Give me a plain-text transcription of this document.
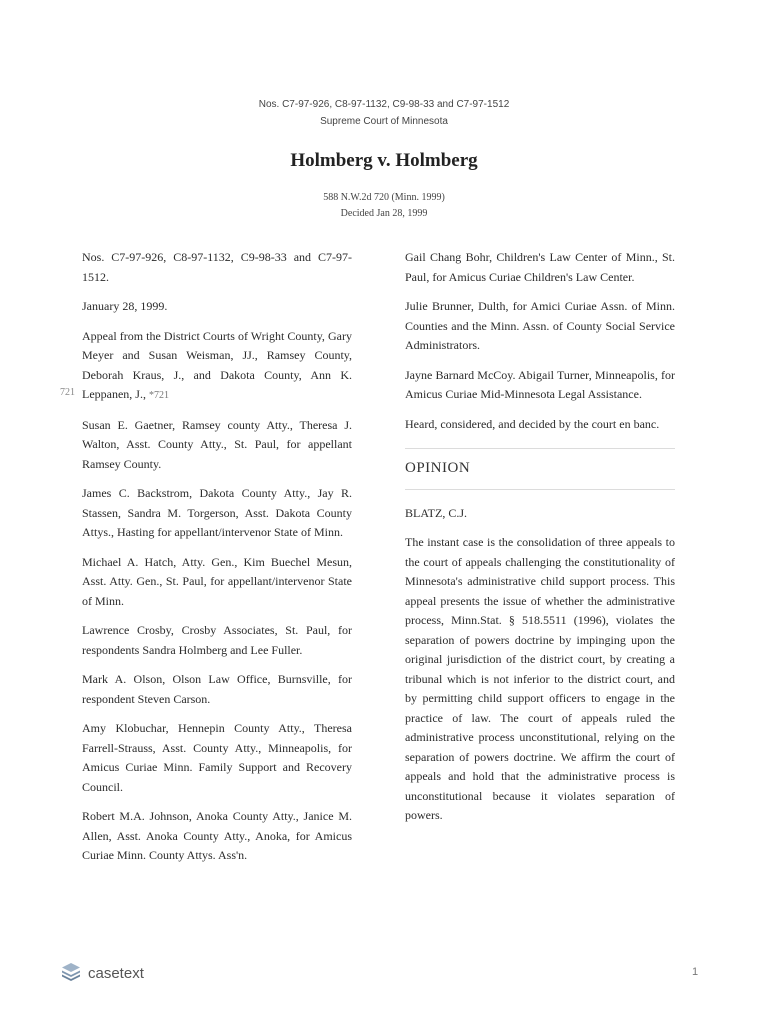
Nos. C7-97-926, C8-97-1132, C9-98-33 and C7-97-1512
Supreme Court of Minnesota
Holmberg v. Holmberg
588 N.W.2d 720 (Minn. 1999)
Decided Jan 28, 1999
721

Nos. C7-97-926, C8-97-1132, C9-98-33 and C7-97-1512.

January 28, 1999.

Appeal from the District Courts of Wright County, Gary Meyer and Susan Weisman, JJ., Ramsey County, Deborah Kraus, J., and Dakota County, Ann K. Leppanen, J., *721

Susan E. Gaetner, Ramsey county Atty., Theresa J. Walton, Asst. County Atty., St. Paul, for appellant Ramsey County.

James C. Backstrom, Dakota County Atty., Jay R. Stassen, Sandra M. Torgerson, Asst. Dakota County Attys., Hasting for appellant/intervenor State of Minn.

Michael A. Hatch, Atty. Gen., Kim Buechel Mesun, Asst. Atty. Gen., St. Paul, for appellant/intervenor State of Minn.

Lawrence Crosby, Crosby Associates, St. Paul, for respondents Sandra Holmberg and Lee Fuller.

Mark A. Olson, Olson Law Office, Burnsville, for respondent Steven Carson.

Amy Klobuchar, Hennepin County Atty., Theresa Farrell-Strauss, Asst. County Atty., Minneapolis, for Amicus Curiae Minn. Family Support and Recovery Council.

Robert M.A. Johnson, Anoka County Atty., Janice M. Allen, Asst. Anoka County Atty., Anoka, for Amicus Curiae Minn. County Attys. Ass'n.

Gail Chang Bohr, Children's Law Center of Minn., St. Paul, for Amicus Curiae Children's Law Center.

Julie Brunner, Dulth, for Amici Curiae Assn. of Minn. Counties and the Minn. Assn. of County Social Service Administrators.

Jayne Barnard McCoy. Abigail Turner, Minneapolis, for Amicus Curiae Mid-Minnesota Legal Assistance.

Heard, considered, and decided by the court en banc.

OPINION

BLATZ, C.J.

The instant case is the consolidation of three appeals to the court of appeals challenging the constitutionality of Minnesota's administrative child support process. This appeal presents the issue of whether the administrative process, Minn.Stat. § 518.5511 (1996), violates the separation of powers doctrine by impinging upon the original jurisdiction of the district court, by creating a tribunal which is not inferior to the district court, and by permitting child support officers to engage in the practice of law. The court of appeals ruled the administrative process unconstitutional, relying on the separation of powers doctrine. We affirm the court of appeals and hold that the administrative process is unconstitutional because it violates separation of powers.

casetext	1
